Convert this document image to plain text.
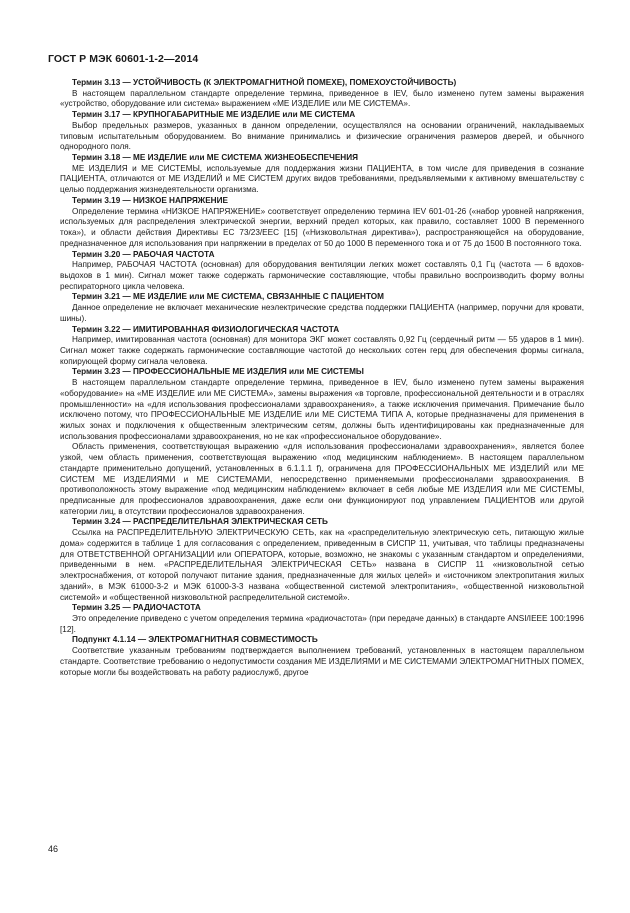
ГОСТ Р МЭК 60601-1-2—2014

Термин 3.13 — УСТОЙЧИВОСТЬ (К ЭЛЕКТРОМАГНИТНОЙ ПОМЕХЕ), ПОМЕХОУСТОЙЧИВОСТЬ)

В настоящем параллельном стандарте определение термина, приведенное в IEV, было изменено путем замены выражения «устройство, оборудование или система» выражением «МЕ ИЗДЕЛИЕ или МЕ СИСТЕМА».

Термин 3.17 — КРУПНОГАБАРИТНЫЕ МЕ ИЗДЕЛИЕ или МЕ СИСТЕМА

Выбор предельных размеров, указанных в данном определении, осуществлялся на основании ограничений, накладываемых типовым испытательным оборудованием. Во внимание принимались и физические ограничения размеров дверей, и обычного однородного поля.

Термин 3.18 — МЕ ИЗДЕЛИЕ или МЕ СИСТЕМА ЖИЗНЕОБЕСПЕЧЕНИЯ

МЕ ИЗДЕЛИЯ и МЕ СИСТЕМЫ, используемые для поддержания жизни ПАЦИЕНТА, в том числе для приведения в сознание ПАЦИЕНТА, отличаются от МЕ ИЗДЕЛИЙ и МЕ СИСТЕМ других видов требованиями, предъявляемыми к активному вмешательству с целью поддержания жизнедеятельности организма.

Термин 3.19 — НИЗКОЕ НАПРЯЖЕНИЕ

Определение термина «НИЗКОЕ НАПРЯЖЕНИЕ» соответствует определению термина IEV 601-01-26 («набор уровней напряжения, используемых для распределения электрической энергии, верхний предел которых, как правило, составляет 1000 В переменного тока»), и области действия Директивы ЕС 73/23/ЕЕС [15] («Низковольтная директива»), распространяющейся на оборудование, предназначенное для использования при напряжении в пределах от 50 до 1000 В переменного тока и от 75 до 1500 В постоянного тока.

Термин 3.20 — РАБОЧАЯ ЧАСТОТА

Например, РАБОЧАЯ ЧАСТОТА (основная) для оборудования вентиляции легких может составлять 0,1 Гц (частота — 6 вдохов-выдохов в 1 мин). Сигнал может также содержать гармонические составляющие, чтобы правильно воспроизводить форму волны респираторного цикла человека.

Термин 3.21 — МЕ ИЗДЕЛИЕ или МЕ СИСТЕМА, СВЯЗАННЫЕ С ПАЦИЕНТОМ

Данное определение не включает механические неэлектрические средства поддержки ПАЦИЕНТА (например, поручни для кровати, шины).

Термин 3.22 — ИМИТИРОВАННАЯ ФИЗИОЛОГИЧЕСКАЯ ЧАСТОТА

Например, имитированная частота (основная) для монитора ЭКГ может составлять 0,92 Гц (сердечный ритм — 55 ударов в 1 мин). Сигнал может также содержать гармонические составляющие частотой до нескольких сотен герц для обеспечения формы сигнала, копирующей форму сигнала человека.

Термин 3.23 — ПРОФЕССИОНАЛЬНЫЕ МЕ ИЗДЕЛИЯ или МЕ СИСТЕМЫ

В настоящем параллельном стандарте определение термина, приведенное в IEV, было изменено путем замены выражения «оборудование» на «МЕ ИЗДЕЛИЕ или МЕ СИСТЕМА», замены выражения «в торговле, профессиональной деятельности и в отраслях промышленности» на «для использования профессионалами здравоохранения», а также исключения примечания. Примечание было исключено потому, что ПРОФЕССИОНАЛЬНЫЕ МЕ ИЗДЕЛИЕ или МЕ СИСТЕМА ТИПА А, которые предназначены для применения в жилых зонах и подключения к общественным электрическим сетям, должны быть идентифицированы как предназначенные для использования профессионалами здравоохранения, но не как «профессиональное оборудование».

Область применения, соответствующая выражению «для использования профессионалами здравоохранения», является более узкой, чем область применения, соответствующая выражению «под медицинским наблюдением». В настоящем параллельном стандарте применительно допущений, установленных в 6.1.1.1 f), ограничена для ПРОФЕССИОНАЛЬНЫХ МЕ ИЗДЕЛИЙ или МЕ СИСТЕМ МЕ ИЗДЕЛИЯМИ и МЕ СИСТЕМАМИ, непосредственно применяемыми профессионалами здравоохранения. В противоположность этому выражение «под медицинским наблюдением» включает в себя любые МЕ ИЗДЕЛИЯ или МЕ СИСТЕМЫ, предписанные для профессионалов здравоохранения, даже если они функционируют под управлением ПАЦИЕНТОВ или другой категории лиц, в отсутствии профессионалов здравоохранения.

Термин 3.24 — РАСПРЕДЕЛИТЕЛЬНАЯ ЭЛЕКТРИЧЕСКАЯ СЕТЬ

Ссылка на РАСПРЕДЕЛИТЕЛЬНУЮ ЭЛЕКТРИЧЕСКУЮ СЕТЬ, как на «распределительную электрическую сеть, питающую жилые дома» содержится в таблице 1 для согласования с определением, приведенным в СИСПР 11, учитывая, что таблицы предназначены для ОТВЕТСТВЕННОЙ ОРГАНИЗАЦИИ или ОПЕРАТОРА, которые, возможно, не знакомы с указанным стандартом и определениями, приведенными в нем. «РАСПРЕДЕЛИТЕЛЬНАЯ ЭЛЕКТРИЧЕСКАЯ СЕТЬ» названа в СИСПР 11 «низковольтной сетью электроснабжения, от которой получают питание здания, предназначенные для жилых целей» и «источником электропитания жилых зданий», в МЭК 61000-3-2 и МЭК 61000-3-3 названа «общественной системой электропитания», «общественной низковольтной системой» и «общественной низковольтной распределительной системой».

Термин 3.25 — РАДИОЧАСТОТА

Это определение приведено с учетом определения термина «радиочастота» (при передаче данных) в стандарте ANSI/IEEE 100:1996 [12].

Подпункт 4.1.14 — ЭЛЕКТРОМАГНИТНАЯ СОВМЕСТИМОСТЬ

Соответствие указанным требованиям подтверждается выполнением требований, установленных в настоящем параллельном стандарте. Соответствие требованию о недопустимости создания МЕ ИЗДЕЛИЯМИ и МЕ СИСТЕМАМИ ЭЛЕКТРОМАГНИТНЫХ ПОМЕХ, которые могли бы воздействовать на работу радиослужб, другое

46
